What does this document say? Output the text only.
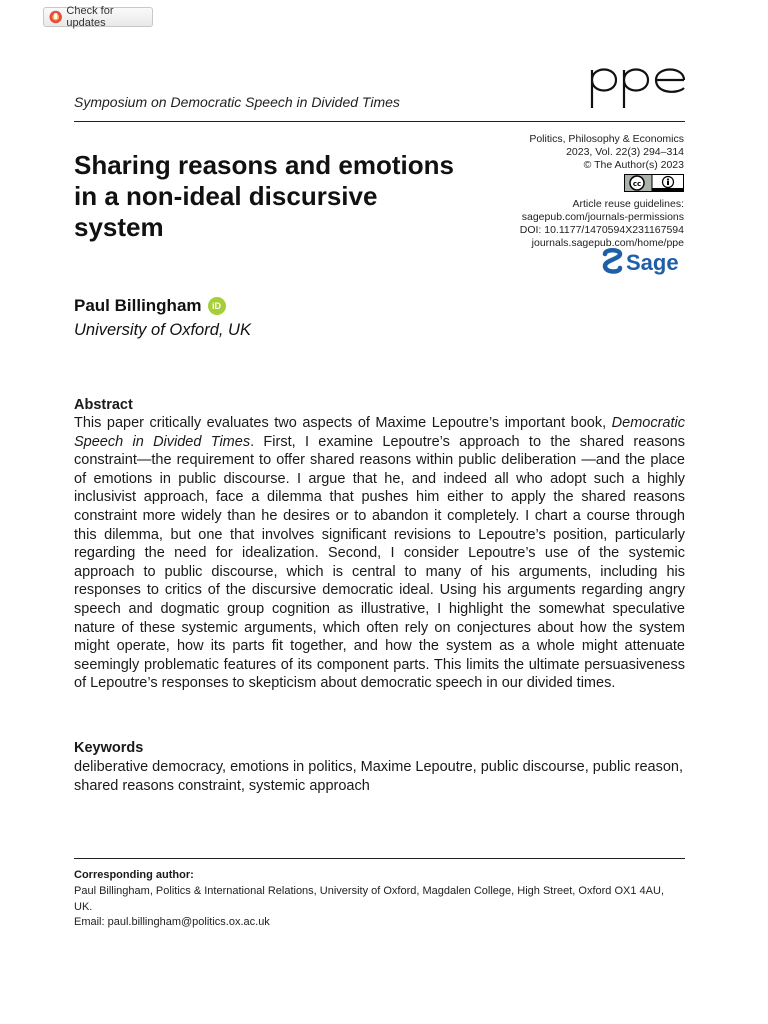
Check for updates
Symposium on Democratic Speech in Divided Times
Sharing reasons and emotions in a non-ideal discursive system
Politics, Philosophy & Economics
2023, Vol. 22(3) 294–314
© The Author(s) 2023
cc
Article reuse guidelines:
sagepub.com/journals-permissions
DOI: 10.1177/1470594X231167594
journals.sagepub.com/home/ppe
Sage
Paul Billingham	iD
University of Oxford, UK
Abstract

This paper critically evaluates two aspects of Maxime Lepoutre’s important book, Democratic Speech in Divided Times. First, I examine Lepoutre’s approach to the shared reasons constraint—the requirement to offer shared reasons within public deliberation —and the place of emotions in public discourse. I argue that he, and indeed all who adopt such a highly inclusivist approach, face a dilemma that pushes him either to apply the shared reasons constraint more widely than he desires or to abandon it completely. I chart a course through this dilemma, but one that involves significant revisions to Lepoutre’s position, particularly regarding the need for idealization. Second, I consider Lepoutre’s use of the systemic approach to public discourse, which is central to many of his arguments, including his responses to critics of the discursive democratic ideal. Using his arguments regarding angry speech and dogmatic group cognition as illustrative, I highlight the somewhat speculative nature of these systemic arguments, which often rely on conjectures about how the system might operate, how its parts fit together, and how the system as a whole might attenuate seemingly problematic features of its component parts. This limits the ultimate persuasiveness of Lepoutre’s responses to skepticism about democratic speech in our divided times.

Keywords

deliberative democracy, emotions in politics, Maxime Lepoutre, public discourse, public reason, shared reasons constraint, systemic approach

Corresponding author:

Paul Billingham, Politics & International Relations, University of Oxford, Magdalen College, High Street, Oxford OX1 4AU, UK.
Email: paul.billingham@politics.ox.ac.uk
